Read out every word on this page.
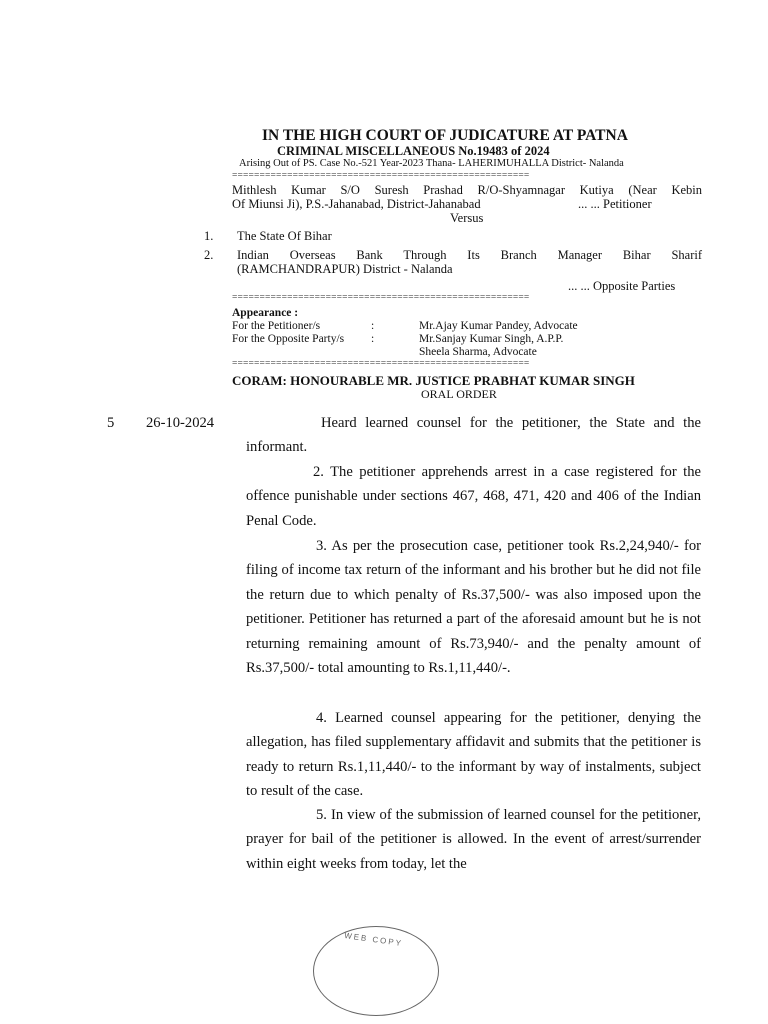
IN THE HIGH COURT OF JUDICATURE AT PATNA
CRIMINAL MISCELLANEOUS No.19483 of 2024
Arising Out of PS. Case No.-521 Year-2023 Thana- LAHERIMUHALLA District- Nalanda
======================================================
Mithlesh Kumar S/O Suresh Prashad R/O-Shyamnagar Kutiya (Near Kebin
Of Miunsi Ji), P.S.-Jahanabad, District-Jahanabad	... ... Petitioner
Versus
1. The State Of Bihar
2. Indian Overseas Bank Through Its Branch Manager Bihar Sharif
(RAMCHANDRAPUR) District - Nalanda
... ... Opposite Parties
======================================================
Appearance :
For the Petitioner/s	:	Mr.Ajay Kumar Pandey, Advocate
For the Opposite Party/s :	Mr.Sanjay Kumar Singh, A.P.P.
Sheela Sharma, Advocate
======================================================
CORAM: HONOURABLE MR. JUSTICE PRABHAT KUMAR SINGH
ORAL ORDER
5 26-10-2024	Heard learned counsel for the petitioner, the State and the informant.
2. The petitioner apprehends arrest in a case registered for the offence punishable under sections 467, 468, 471, 420 and 406 of the Indian Penal Code.
3. As per the prosecution case, petitioner took Rs.2,24,940/- for filing of income tax return of the informant and his brother but he did not file the return due to which penalty of Rs.37,500/- was also imposed upon the petitioner. Petitioner has returned a part of the aforesaid amount but he is not returning remaining amount of Rs.73,940/- and the penalty amount of Rs.37,500/- total amounting to Rs.1,11,440/-.
4. Learned counsel appearing for the petitioner, denying the allegation, has filed supplementary affidavit and submits that the petitioner is ready to return Rs.1,11,440/- to the informant by way of instalments, subject to result of the case.
5. In view of the submission of learned counsel for the petitioner, prayer for bail of the petitioner is allowed. In the event of arrest/surrender within eight weeks from today, let the
WEB COPY
